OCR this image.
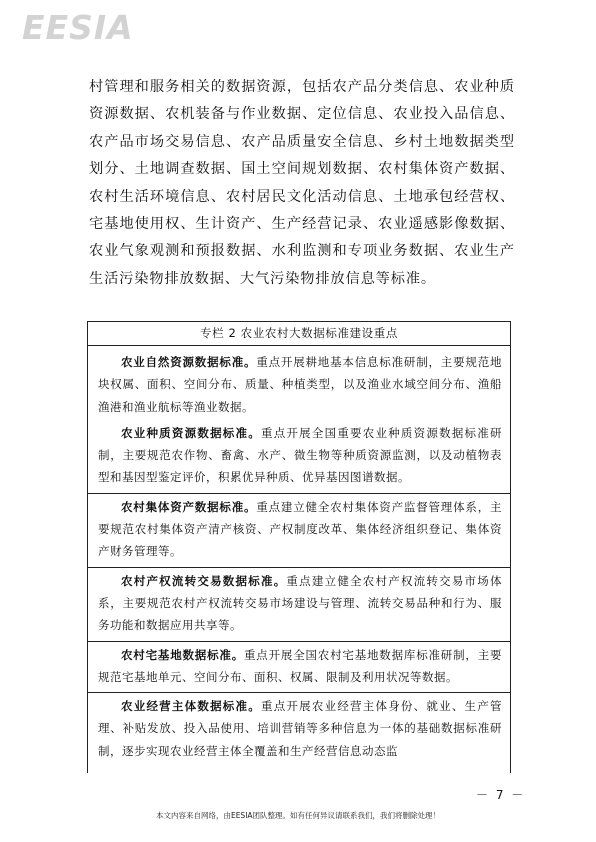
EESIA

村管理和服务相关的数据资源，包括农产品分类信息、农业种质资源数据、农机装备与作业数据、定位信息、农业投入品信息、农产品市场交易信息、农产品质量安全信息、乡村土地数据类型划分、土地调查数据、国土空间规划数据、农村集体资产数据、农村生活环境信息、农村居民文化活动信息、土地承包经营权、宅基地使用权、生计资产、生产经营记录、农业遥感影像数据、农业气象观测和预报数据、水利监测和专项业务数据、农业生产生活污染物排放数据、大气污染物排放信息等标准。

专栏 2 农业农村大数据标准建设重点

农业自然资源数据标准。重点开展耕地基本信息标准研制，主要规范地块权属、面积、空间分布、质量、种植类型，以及渔业水域空间分布、渔船渔港和渔业航标等渔业数据。

农业种质资源数据标准。重点开展全国重要农业种质资源数据标准研制，主要规范农作物、畜禽、水产、微生物等种质资源监测，以及动植物表型和基因型鉴定评价，积累优异种质、优异基因图谱数据。

农村集体资产数据标准。重点建立健全农村集体资产监督管理体系，主要规范农村集体资产清产核资、产权制度改革、集体经济组织登记、集体资产财务管理等。

农村产权流转交易数据标准。重点建立健全农村产权流转交易市场体系，主要规范农村产权流转交易市场建设与管理、流转交易品种和行为、服务功能和数据应用共享等。

农村宅基地数据标准。重点开展全国农村宅基地数据库标准研制，主要规范宅基地单元、空间分布、面积、权属、限制及利用状况等数据。

农业经营主体数据标准。重点开展农业经营主体身份、就业、生产管理、补贴发放、投入品使用、培训营销等多种信息为一体的基础数据标准研制，逐步实现农业经营主体全覆盖和生产经营信息动态监

－ 7 －
本文内容来自网络，由EESIA团队整理。如有任何异议请联系我们，我们将删除处理！
